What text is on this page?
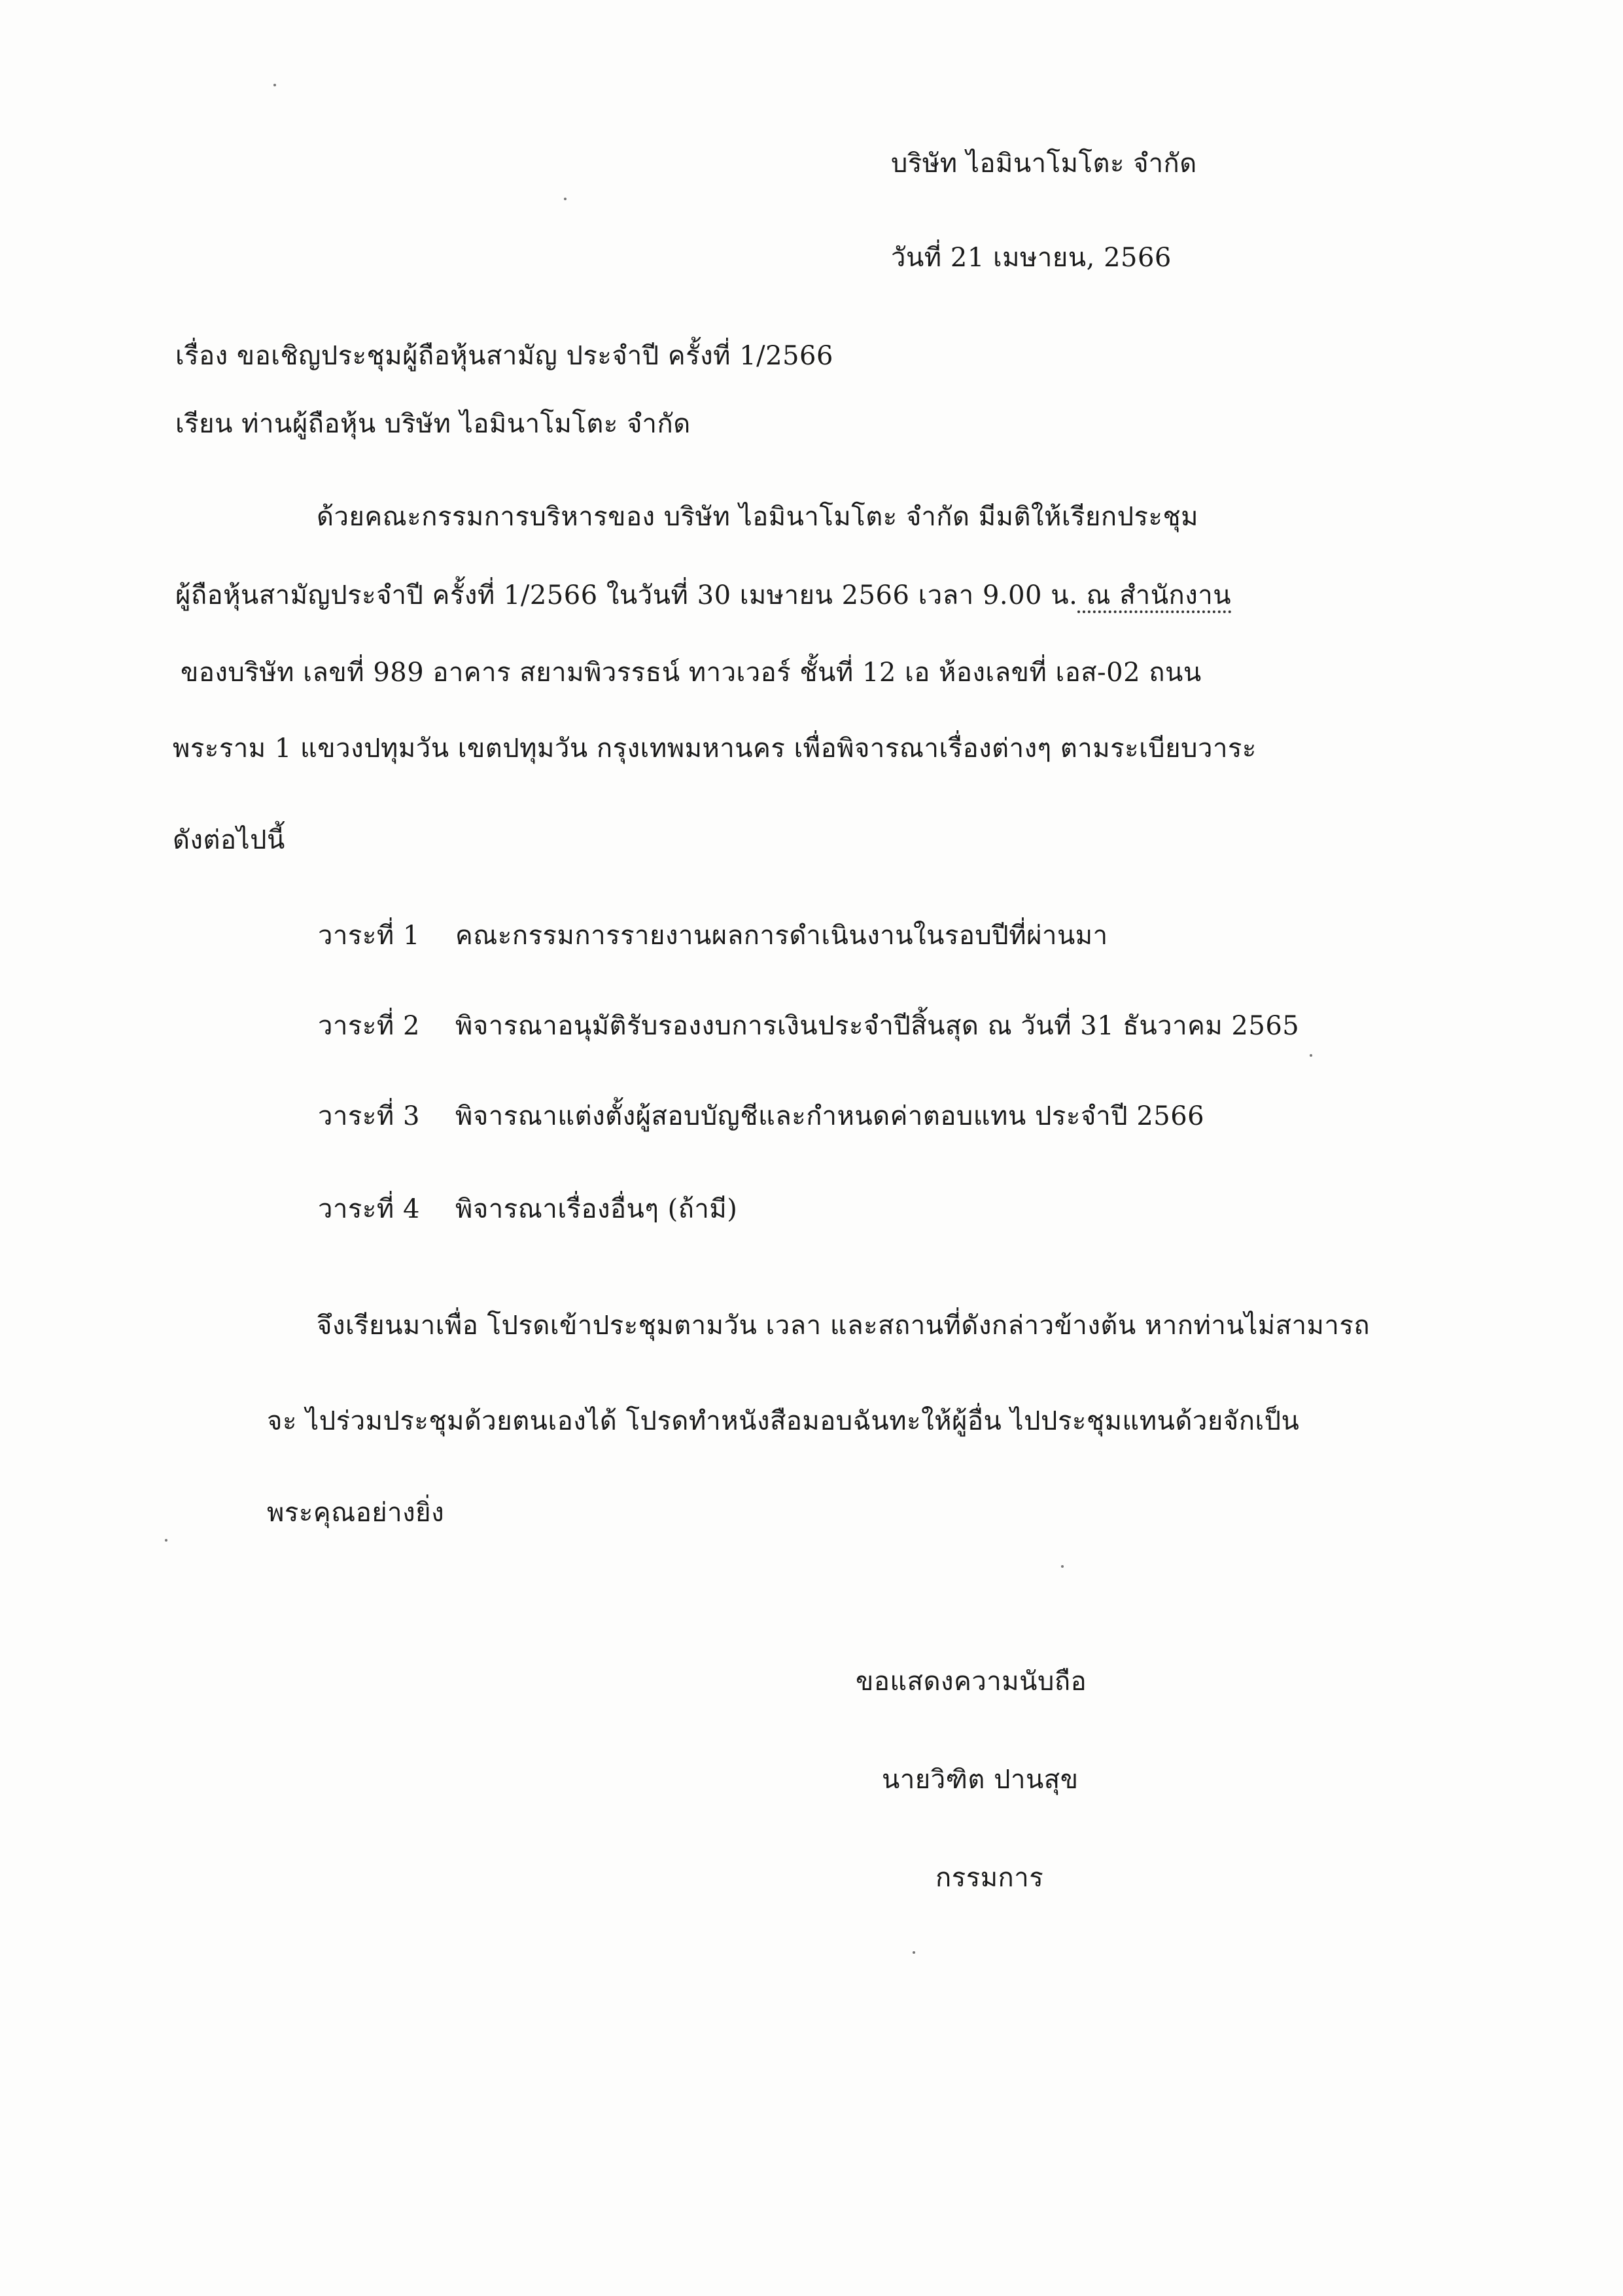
บริษัท ไอมินาโมโตะ จำกัด
วันที่ 21 เมษายน, 2566
เรื่อง ขอเชิญประชุมผู้ถือหุ้นสามัญ ประจำปี ครั้งที่ 1/2566
เรียน ท่านผู้ถือหุ้น บริษัท ไอมินาโมโตะ จำกัด
ด้วยคณะกรรมการบริหารของ บริษัท ไอมินาโมโตะ จำกัด มีมติให้เรียกประชุม
ผู้ถือหุ้นสามัญประจำปี ครั้งที่ 1/2566 ในวันที่ 30 เมษายน 2566 เวลา 9.00 น. ณ สำนักงาน
ของบริษัท เลขที่ 989 อาคาร สยามพิวรรธน์ ทาวเวอร์ ชั้นที่ 12 เอ ห้องเลขที่ เอส-02 ถนน
พระราม 1 แขวงปทุมวัน เขตปทุมวัน กรุงเทพมหานคร เพื่อพิจารณาเรื่องต่างๆ ตามระเบียบวาระ
ดังต่อไปนี้
วาระที่ 1 คณะกรรมการรายงานผลการดำเนินงานในรอบปีที่ผ่านมา
วาระที่ 2 พิจารณาอนุมัติรับรองงบการเงินประจำปีสิ้นสุด ณ วันที่ 31 ธันวาคม 2565
วาระที่ 3 พิจารณาแต่งตั้งผู้สอบบัญชีและกำหนดค่าตอบแทน ประจำปี 2566
วาระที่ 4 พิจารณาเรื่องอื่นๆ (ถ้ามี)
จึงเรียนมาเพื่อ โปรดเข้าประชุมตามวัน เวลา และสถานที่ดังกล่าวข้างต้น หากท่านไม่สามารถ
จะ ไปร่วมประชุมด้วยตนเองได้ โปรดทำหนังสือมอบฉันทะให้ผู้อื่น ไปประชุมแทนด้วยจักเป็น
พระคุณอย่างยิ่ง
ขอแสดงความนับถือ
นายวิฑิต ปานสุข
กรรมการ
